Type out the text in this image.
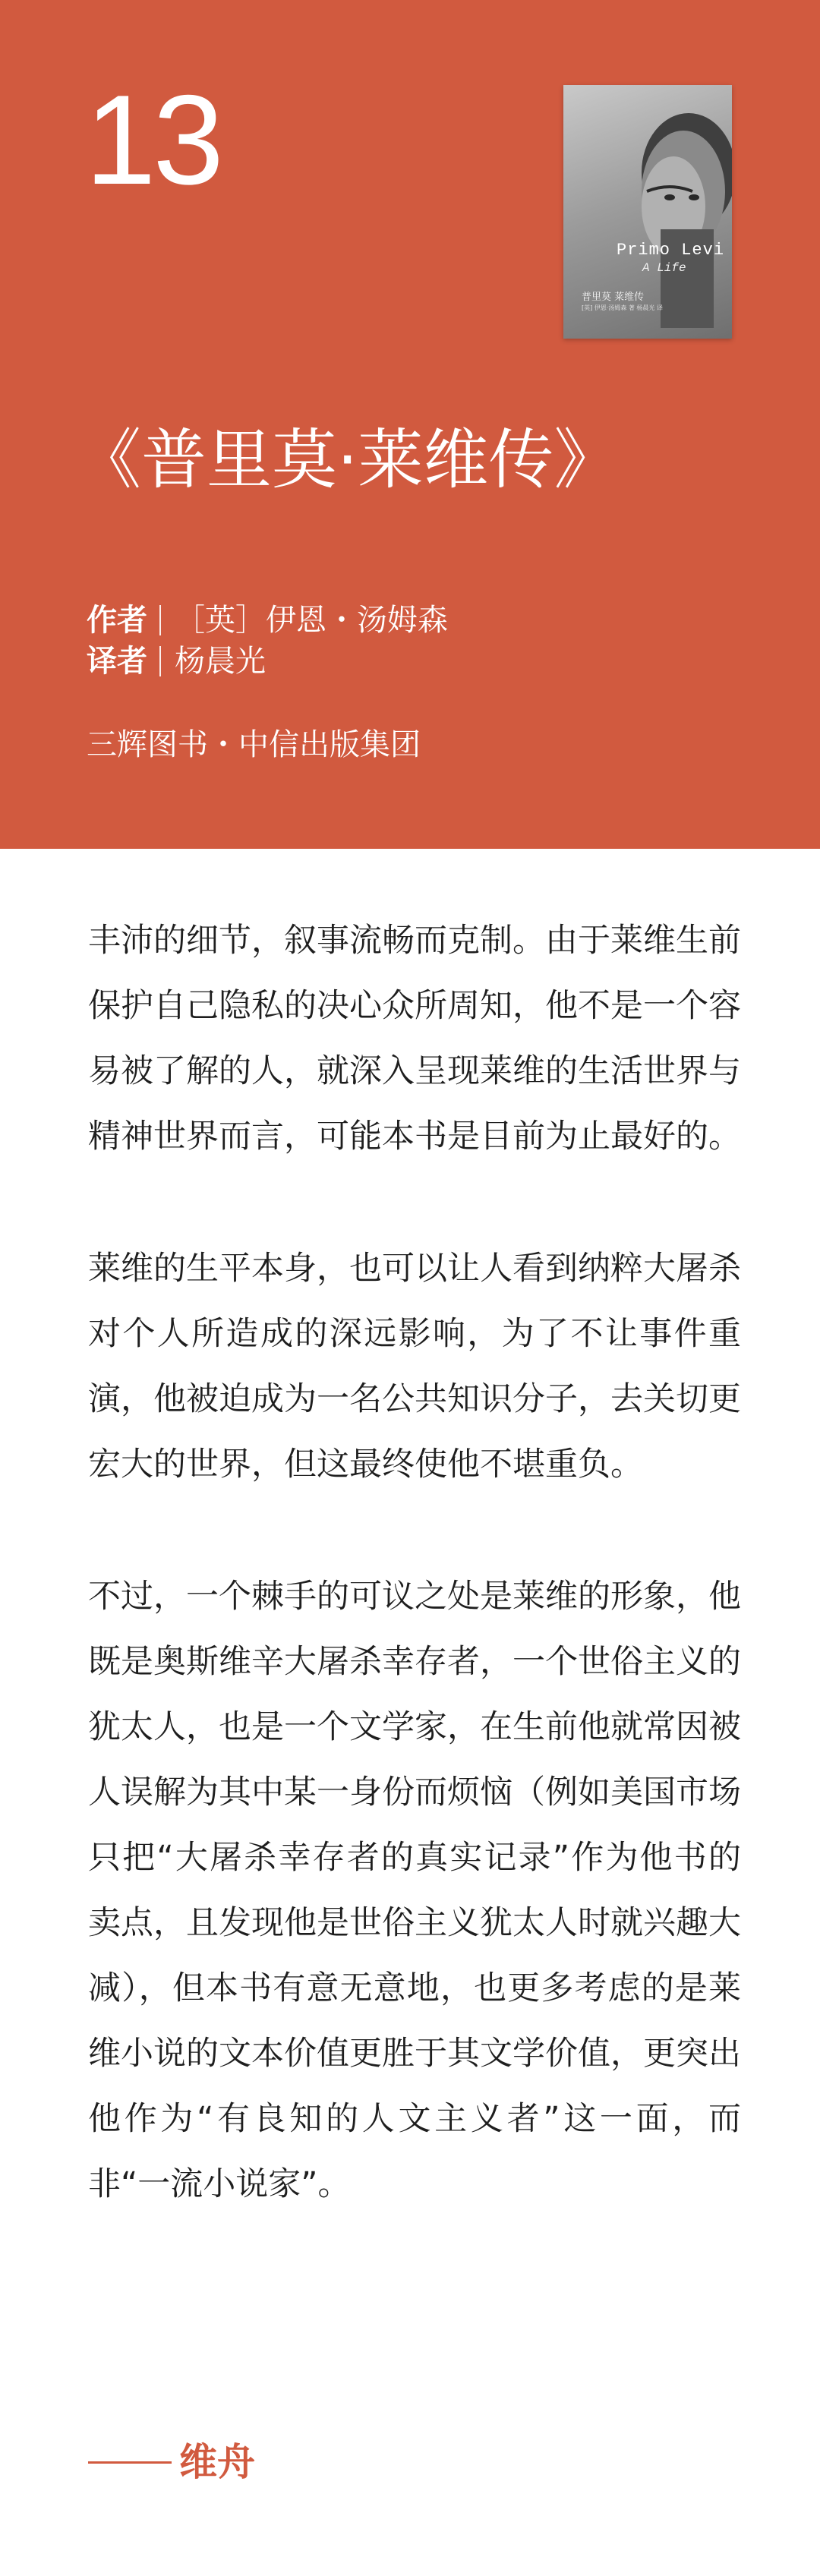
13
Primo Levi
A Life
普里莫 莱维传
[英] 伊恩·汤姆森 著 杨晨光 译
《普里莫·莱维传》
作者 ［英］伊恩・汤姆森
译者 杨晨光
三辉图书・中信出版集团

丰沛的细节，叙事流畅而克制。由于莱维生前保护自己隐私的决心众所周知，他不是一个容易被了解的人，就深入呈现莱维的生活世界与精神世界而言，可能本书是目前为止最好的。

莱维的生平本身，也可以让人看到纳粹大屠杀对个人所造成的深远影响，为了不让事件重演，他被迫成为一名公共知识分子，去关切更宏大的世界，但这最终使他不堪重负。

不过，一个棘手的可议之处是莱维的形象，他既是奥斯维辛大屠杀幸存者，一个世俗主义的犹太人，也是一个文学家，在生前他就常因被人误解为其中某一身份而烦恼（例如美国市场只把“大屠杀幸存者的真实记录”作为他书的卖点，且发现他是世俗主义犹太人时就兴趣大减），但本书有意无意地，也更多考虑的是莱维小说的文本价值更胜于其文学价值，更突出他作为“有良知的人文主义者”这一面，而非“一流小说家”。

维舟
